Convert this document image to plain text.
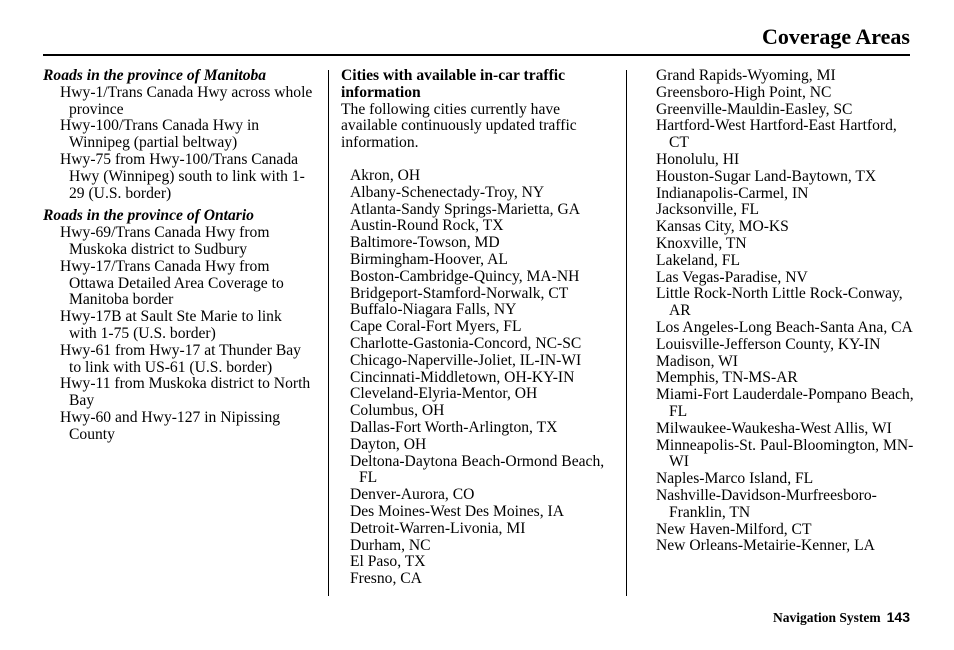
Coverage Areas
Roads in the province of Manitoba
Hwy-1/Trans Canada Hwy across whole province
Hwy-100/Trans Canada Hwy in Winnipeg (partial beltway)
Hwy-75 from Hwy-100/Trans Canada Hwy (Winnipeg) south to link with 1-29 (U.S. border)
Roads in the province of Ontario
Hwy-69/Trans Canada Hwy from Muskoka district to Sudbury
Hwy-17/Trans Canada Hwy from Ottawa Detailed Area Coverage to Manitoba border
Hwy-17B at Sault Ste Marie to link with 1-75 (U.S. border)
Hwy-61 from Hwy-17 at Thunder Bay to link with US-61 (U.S. border)
Hwy-11 from Muskoka district to North Bay
Hwy-60 and Hwy-127 in Nipissing County
Cities with available in-car traffic information
The following cities currently have available continuously updated traffic information.
Akron, OH
Albany-Schenectady-Troy, NY
Atlanta-Sandy Springs-Marietta, GA
Austin-Round Rock, TX
Baltimore-Towson, MD
Birmingham-Hoover, AL
Boston-Cambridge-Quincy, MA-NH
Bridgeport-Stamford-Norwalk, CT
Buffalo-Niagara Falls, NY
Cape Coral-Fort Myers, FL
Charlotte-Gastonia-Concord, NC-SC
Chicago-Naperville-Joliet, IL-IN-WI
Cincinnati-Middletown, OH-KY-IN
Cleveland-Elyria-Mentor, OH
Columbus, OH
Dallas-Fort Worth-Arlington, TX
Dayton, OH
Deltona-Daytona Beach-Ormond Beach, FL
Denver-Aurora, CO
Des Moines-West Des Moines, IA
Detroit-Warren-Livonia, MI
Durham, NC
El Paso, TX
Fresno, CA
Grand Rapids-Wyoming, MI
Greensboro-High Point, NC
Greenville-Mauldin-Easley, SC
Hartford-West Hartford-East Hartford, CT
Honolulu, HI
Houston-Sugar Land-Baytown, TX
Indianapolis-Carmel, IN
Jacksonville, FL
Kansas City, MO-KS
Knoxville, TN
Lakeland, FL
Las Vegas-Paradise, NV
Little Rock-North Little Rock-Conway, AR
Los Angeles-Long Beach-Santa Ana, CA
Louisville-Jefferson County, KY-IN
Madison, WI
Memphis, TN-MS-AR
Miami-Fort Lauderdale-Pompano Beach, FL
Milwaukee-Waukesha-West Allis, WI
Minneapolis-St. Paul-Bloomington, MN-WI
Naples-Marco Island, FL
Nashville-Davidson-Murfreesboro-Franklin, TN
New Haven-Milford, CT
New Orleans-Metairie-Kenner, LA
Navigation System 143
